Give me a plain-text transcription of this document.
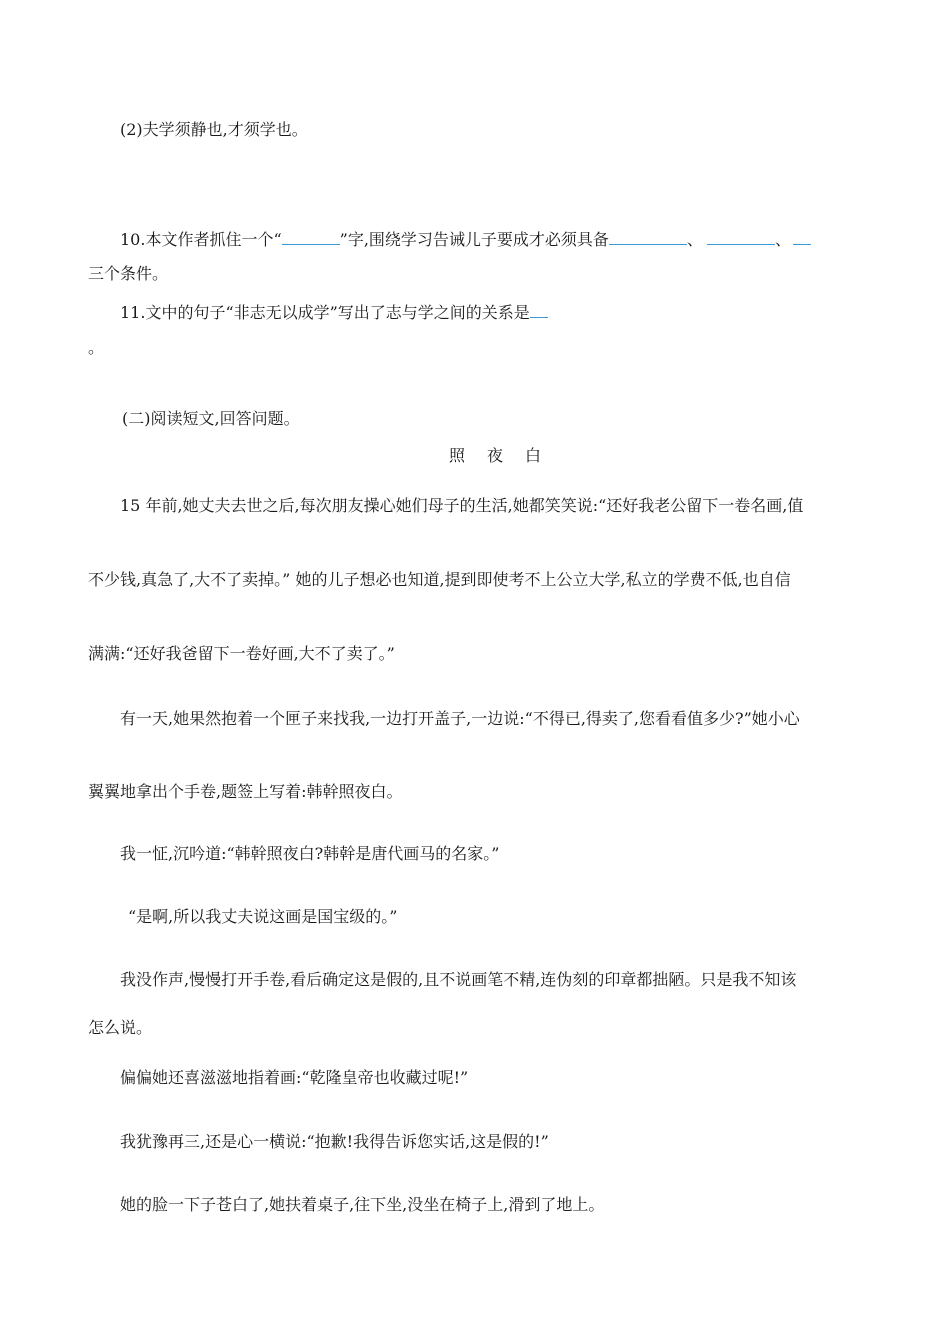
(2)夫学须静也,才须学也。
10.本文作者抓住一个“	”字,围绕学习告诫儿子要成才必须具备	、	、
三个条件。
11.文中的句子“非志无以成学”写出了志与学之间的关系是
。
(二)阅读短文,回答问题。
照 夜 白
15 年前,她丈夫去世之后,每次朋友操心她们母子的生活,她都笑笑说:“还好我老公留下一卷名画,值
不少钱,真急了,大不了卖掉。” 她的儿子想必也知道,提到即使考不上公立大学,私立的学费不低,也自信
满满:“还好我爸留下一卷好画,大不了卖了。”
有一天,她果然抱着一个匣子来找我,一边打开盖子,一边说:“不得已,得卖了,您看看值多少?”她小心
翼翼地拿出个手卷,题签上写着:韩幹照夜白。
我一怔,沉吟道:“韩幹照夜白?韩幹是唐代画马的名家。”
“是啊,所以我丈夫说这画是国宝级的。”
我没作声,慢慢打开手卷,看后确定这是假的,且不说画笔不精,连伪刻的印章都拙陋。只是我不知该
怎么说。
偏偏她还喜滋滋地指着画:“乾隆皇帝也收藏过呢!”
我犹豫再三,还是心一横说:“抱歉!我得告诉您实话,这是假的!”
她的脸一下子苍白了,她扶着桌子,往下坐,没坐在椅子上,滑到了地上。
